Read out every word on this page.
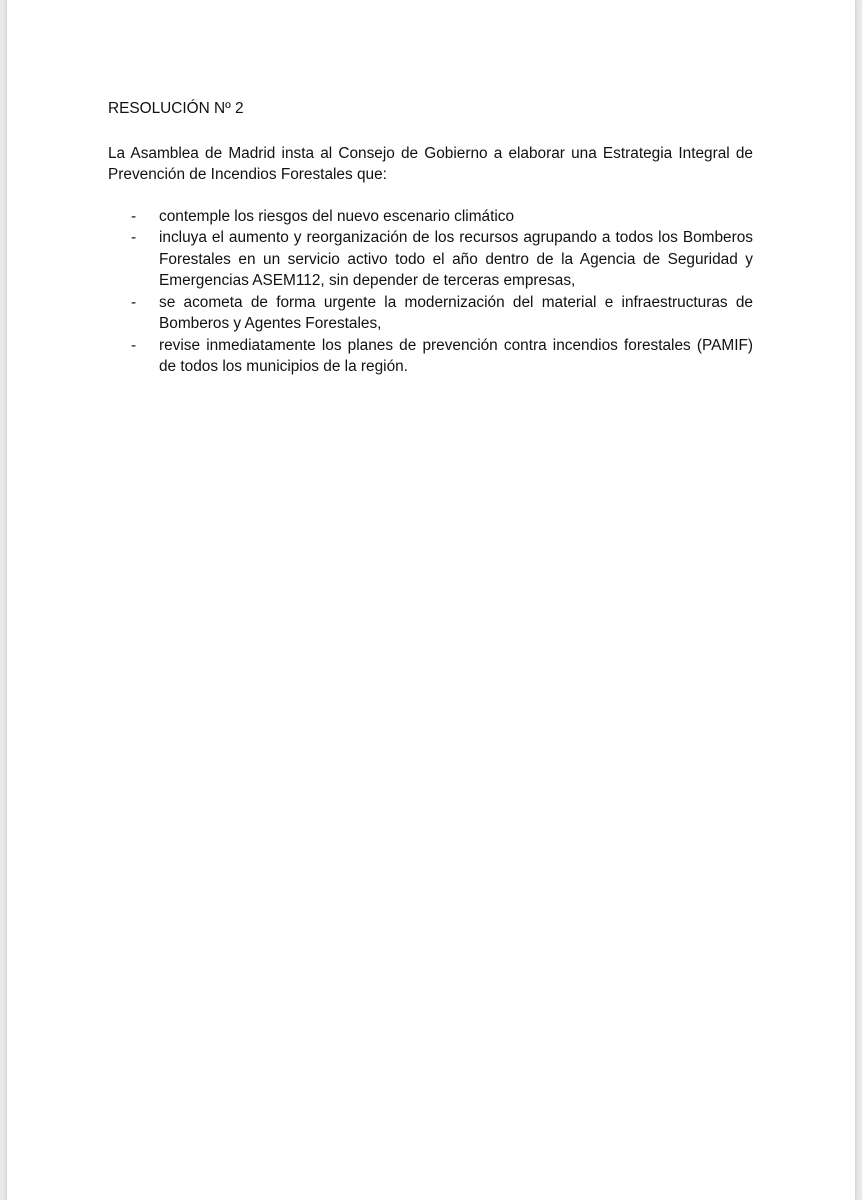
RESOLUCIÓN Nº 2

La Asamblea de Madrid insta al Consejo de Gobierno a elaborar una Estrategia Integral de Prevención de Incendios Forestales que:

- contemple los riesgos del nuevo escenario climático
- incluya el aumento y reorganización de los recursos agrupando a todos los Bomberos Forestales en un servicio activo todo el año dentro de la Agencia de Seguridad y Emergencias ASEM112, sin depender de terceras empresas,
- se acometa de forma urgente la modernización del material e infraestructuras de Bomberos y Agentes Forestales,
- revise inmediatamente los planes de prevención contra incendios forestales (PAMIF) de todos los municipios de la región.
